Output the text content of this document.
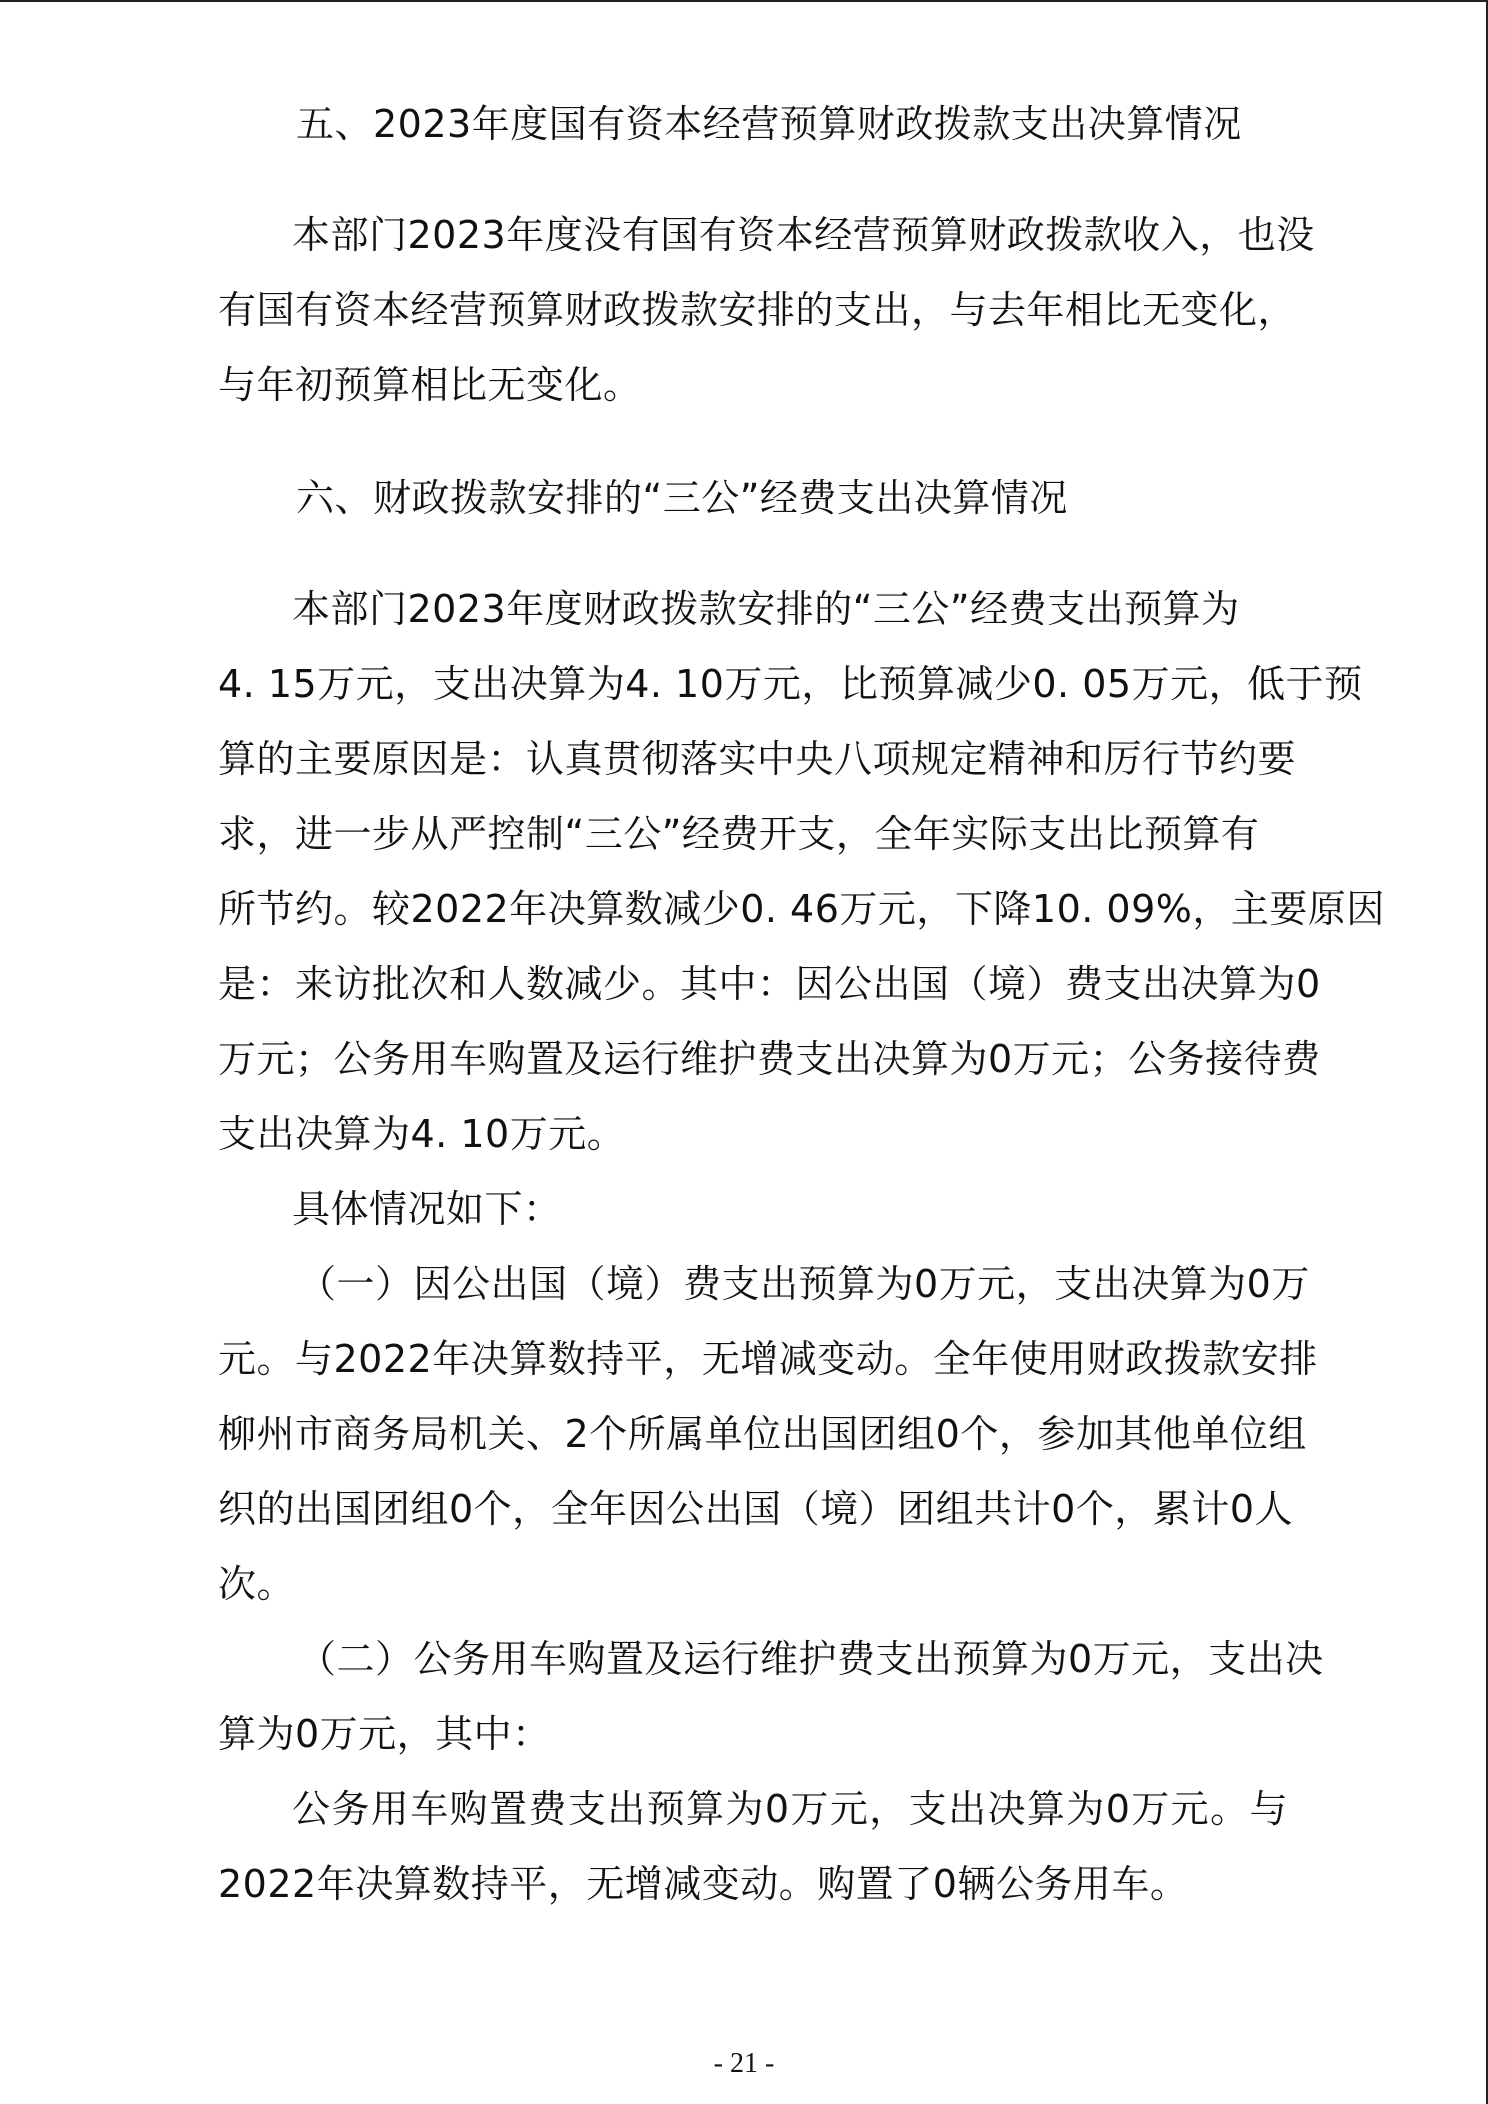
五、2023年度国有资本经营预算财政拨款支出决算情况

本部门2023年度没有国有资本经营预算财政拨款收入，也没

有国有资本经营预算财政拨款安排的支出，与去年相比无变化，

与年初预算相比无变化。

六、财政拨款安排的“三公”经费支出决算情况

本部门2023年度财政拨款安排的“三公”经费支出预算为

4. 15万元，支出决算为4. 10万元，比预算减少0. 05万元，低于预

算的主要原因是：认真贯彻落实中央八项规定精神和厉行节约要

求，进一步从严控制“三公”经费开支，全年实际支出比预算有

所节约。较2022年决算数减少0. 46万元，下降10. 09%，主要原因

是：来访批次和人数减少。其中：因公出国（境）费支出决算为0

万元；公务用车购置及运行维护费支出决算为0万元；公务接待费

支出决算为4. 10万元。

具体情况如下：

（一）因公出国（境）费支出预算为0万元，支出决算为0万

元。与2022年决算数持平，无增减变动。全年使用财政拨款安排

柳州市商务局机关、2个所属单位出国团组0个，参加其他单位组

织的出国团组0个，全年因公出国（境）团组共计0个，累计0人

次。

（二）公务用车购置及运行维护费支出预算为0万元，支出决

算为0万元，其中：

公务用车购置费支出预算为0万元，支出决算为0万元。与

2022年决算数持平，无增减变动。购置了0辆公务用车。

- 21 -
